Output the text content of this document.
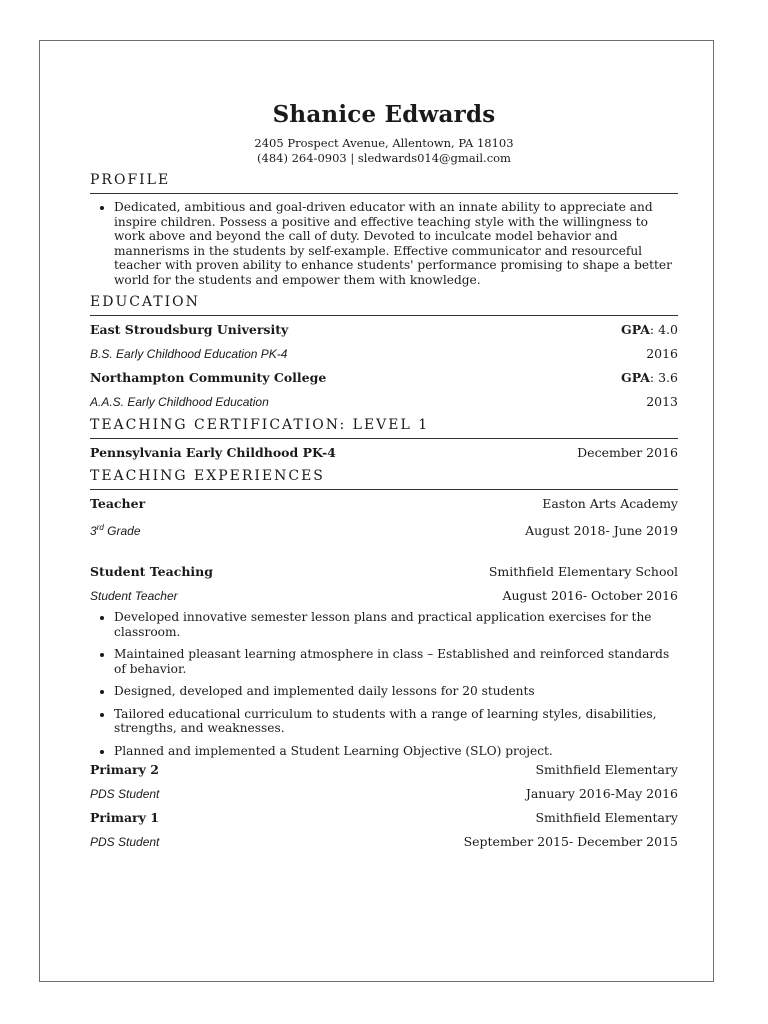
Shanice Edwards
2405 Prospect Avenue, Allentown, PA 18103
(484) 264-0903 | sledwards014@gmail.com
PROFILE
• Dedicated, ambitious and goal-driven educator with an innate ability to appreciate and inspire children. Possess a positive and effective teaching style with the willingness to work above and beyond the call of duty. Devoted to inculcate model behavior and mannerisms in the students by self-example. Effective communicator and resourceful teacher with proven ability to enhance students' performance promising to shape a better world for the students and empower them with knowledge.
EDUCATION
East Stroudsburg University	GPA: 4.0
B.S. Early Childhood Education PK-4	2016
Northampton Community College	GPA: 3.6
A.A.S. Early Childhood Education	2013
TEACHING CERTIFICATION: LEVEL 1
Pennsylvania Early Childhood PK-4	December 2016
TEACHING EXPERIENCES
Teacher	Easton Arts Academy
3rd Grade	August 2018- June 2019
Student Teaching	Smithfield Elementary School
Student Teacher	August 2016- October 2016
• Developed innovative semester lesson plans and practical application exercises for the classroom.
• Maintained pleasant learning atmosphere in class – Established and reinforced standards of behavior.
• Designed, developed and implemented daily lessons for 20 students
• Tailored educational curriculum to students with a range of learning styles, disabilities, strengths, and weaknesses.
• Planned and implemented a Student Learning Objective (SLO) project.
Primary 2	Smithfield Elementary
PDS Student	January 2016-May 2016
Primary 1	Smithfield Elementary
PDS Student	September 2015- December 2015
